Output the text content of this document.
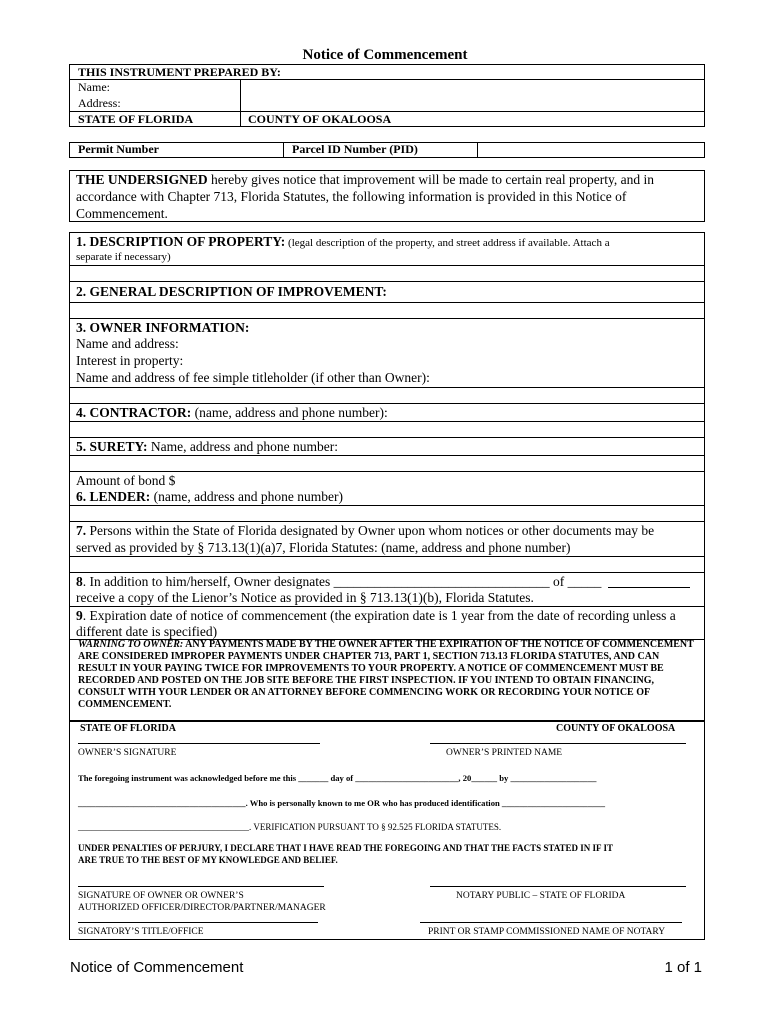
Notice of Commencement
THIS INSTRUMENT PREPARED BY:
Name:
Address:
STATE OF FLORIDA	COUNTY OF OKALOOSA
Permit Number	Parcel ID Number (PID)
THE UNDERSIGNED hereby gives notice that improvement will be made to certain real property, and in
accordance with Chapter 713, Florida Statutes, the following information is provided in this Notice of
Commencement.
1. DESCRIPTION OF PROPERTY: (legal description of the property, and street address if available. Attach a
separate if necessary)
2. GENERAL DESCRIPTION OF IMPROVEMENT:
3. OWNER INFORMATION:
Name and address:
Interest in property:
Name and address of fee simple titleholder (if other than Owner):
4. CONTRACTOR: (name, address and phone number):
5. SURETY: Name, address and phone number:
Amount of bond $
6. LENDER: (name, address and phone number)
7. Persons within the State of Florida designated by Owner upon whom notices or other documents may be
served as provided by § 713.13(1)(a)7, Florida Statutes: (name, address and phone number)
8. In addition to him/herself, Owner designates ________________________________ of _____
receive a copy of the Lienor’s Notice as provided in § 713.13(1)(b), Florida Statutes.
9. Expiration date of notice of commencement (the expiration date is 1 year from the date of recording unless a
different date is specified)
WARNING TO OWNER: ANY PAYMENTS MADE BY THE OWNER AFTER THE EXPIRATION OF THE NOTICE OF COMMENCEMENT ARE CONSIDERED IMPROPER PAYMENTS UNDER CHAPTER 713, PART 1, SECTION 713.13 FLORIDA STATUTES, AND CAN RESULT IN YOUR PAYING TWICE FOR IMPROVEMENTS TO YOUR PROPERTY. A NOTICE OF COMMENCEMENT MUST BE RECORDED AND POSTED ON THE JOB SITE BEFORE THE FIRST INSPECTION. IF YOU INTEND TO OBTAIN FINANCING, CONSULT WITH YOUR LENDER OR AN ATTORNEY BEFORE COMMENCING WORK OR RECORDING YOUR NOTICE OF COMMENCEMENT.
STATE OF FLORIDA	COUNTY OF OKALOOSA
OWNER’S SIGNATURE	OWNER’S PRINTED NAME
The foregoing instrument was acknowledged before me this _______ day of ________________________, 20______ by ____________________
_______________________________________. Who is personally known to me OR who has produced identification ________________________
______________________________________. VERIFICATION PURSUANT TO § 92.525 FLORIDA STATUTES.
UNDER PENALTIES OF PERJURY, I DECLARE THAT I HAVE READ THE FOREGOING AND THAT THE FACTS STATED IN IF IT
ARE TRUE TO THE BEST OF MY KNOWLEDGE AND BELIEF.
SIGNATURE OF OWNER OR OWNER’S
AUTHORIZED OFFICER/DIRECTOR/PARTNER/MANAGER
NOTARY PUBLIC – STATE OF FLORIDA
SIGNATORY’S TITLE/OFFICE	PRINT OR STAMP COMMISSIONED NAME OF NOTARY
Notice of Commencement	1 of 1
